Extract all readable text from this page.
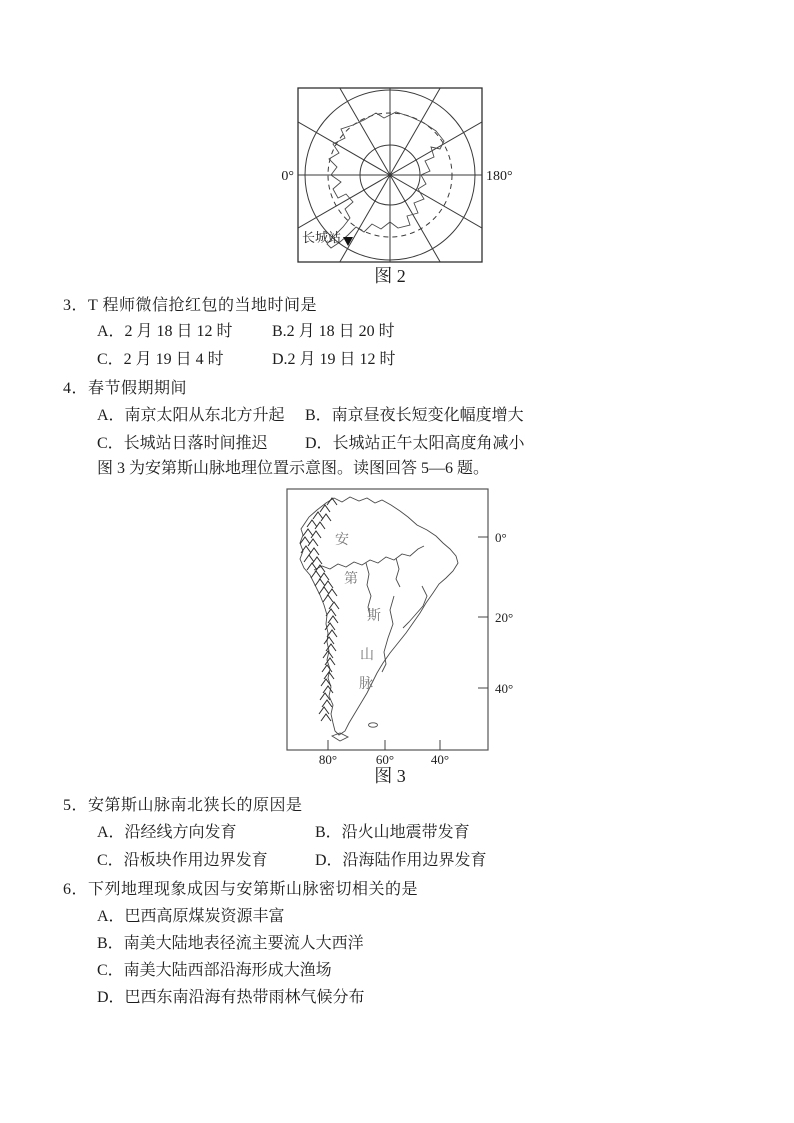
长城站
0°	180°
图 2
3．T 程师微信抢红包的当地时间是
A．2 月 18 日 12 时 B.2 月 18 日 20 时
C．2 月 19 日 4 时	D.2 月 19 日 12 时
4．春节假期期间
A．南京太阳从东北方升起 B．南京昼夜长短变化幅度增大
C．长城站日落时间推迟 D．长城站正午太阳高度角减小
图 3 为安第斯山脉地理位置示意图。读图回答 5—6 题。
0°
20°
40°
80°	60°	40°
安
第
斯
山
脉
图 3
5．安第斯山脉南北狭长的原因是
A．沿经线方向发育	B．沿火山地震带发育
C．沿板块作用边界发育	D．沿海陆作用边界发育
6．下列地理现象成因与安第斯山脉密切相关的是
A．巴西高原煤炭资源丰富
B．南美大陆地表径流主要流人大西洋
C．南美大陆西部沿海形成大渔场
D．巴西东南沿海有热带雨林气候分布
